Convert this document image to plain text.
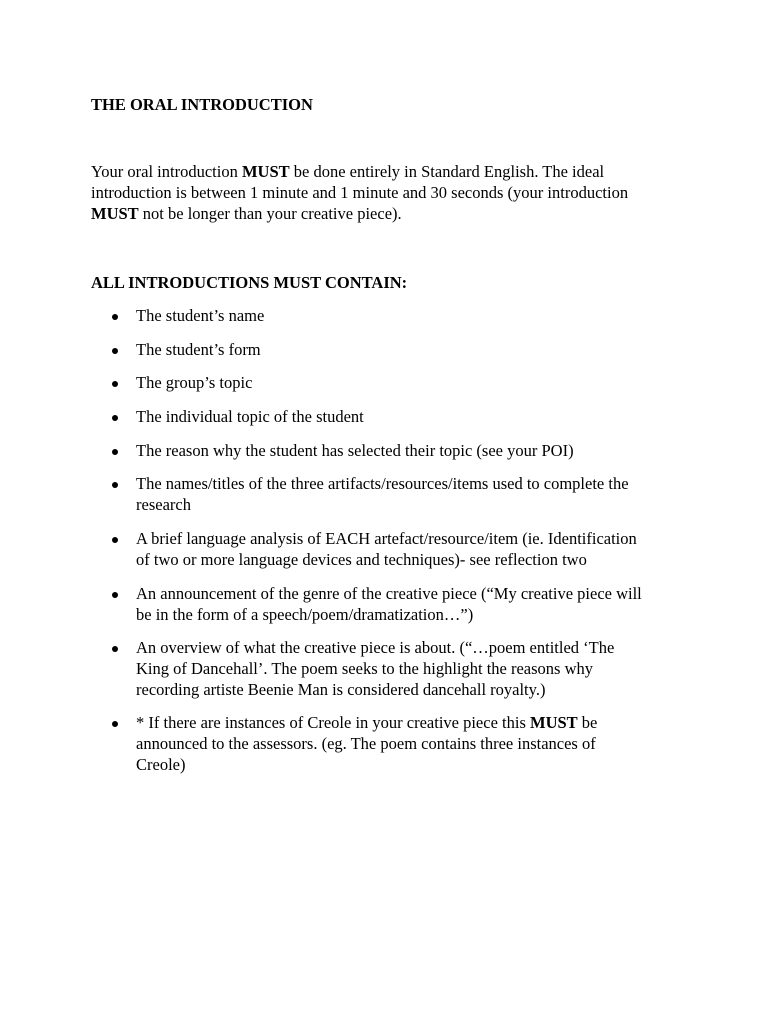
THE ORAL INTRODUCTION

Your oral introduction MUST be done entirely in Standard English. The ideal
introduction is between 1 minute and 1 minute and 30 seconds (your introduction
MUST not be longer than your creative piece).

ALL INTRODUCTIONS MUST CONTAIN:
The student’s name
The student’s form
The group’s topic
The individual topic of the student
The reason why the student has selected their topic (see your POI)
The names/titles of the three artifacts/resources/items used to complete the
research
A brief language analysis of EACH artefact/resource/item (ie. Identification
of two or more language devices and techniques)- see reflection two
An announcement of the genre of the creative piece (“My creative piece will
be in the form of a speech/poem/dramatization…”)
An overview of what the creative piece is about. (“…poem entitled ‘The
King of Dancehall’. The poem seeks to the highlight the reasons why
recording artiste Beenie Man is considered dancehall royalty.)
* If there are instances of Creole in your creative piece this MUST be
announced to the assessors. (eg. The poem contains three instances of
Creole)
